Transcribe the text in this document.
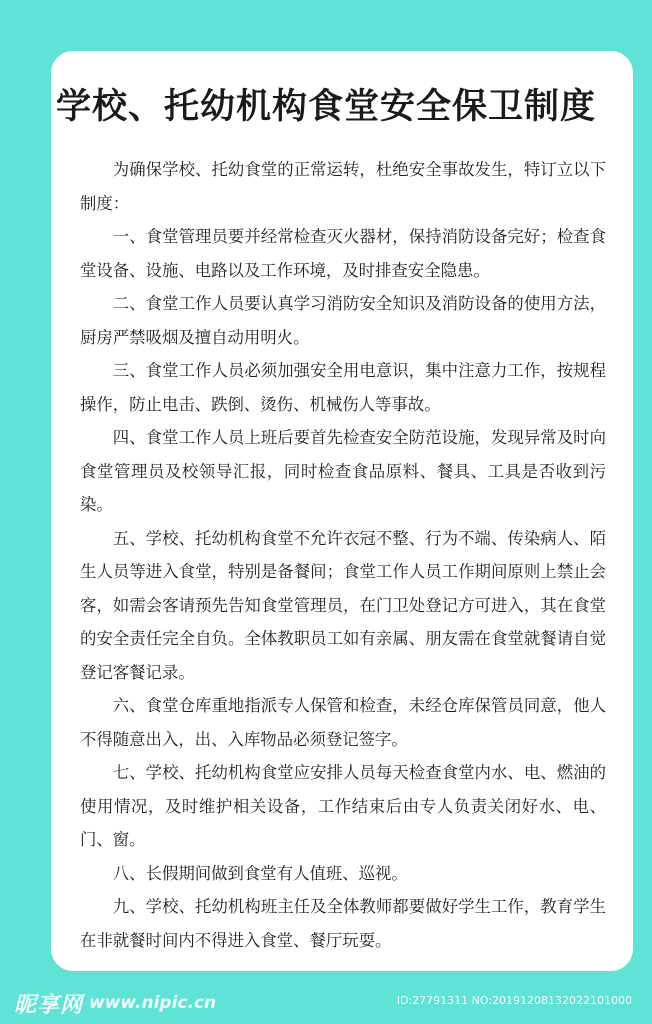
学校、托幼机构食堂安全保卫制度

为确保学校、托幼食堂的正常运转，杜绝安全事故发生，特订立以下制度：

一、食堂管理员要并经常检查灭火器材，保持消防设备完好；检查食堂设备、设施、电路以及工作环境，及时排查安全隐患。

二、食堂工作人员要认真学习消防安全知识及消防设备的使用方法，厨房严禁吸烟及擅自动用明火。

三、食堂工作人员必须加强安全用电意识，集中注意力工作，按规程操作，防止电击、跌倒、烫伤、机械伤人等事故。

四、食堂工作人员上班后要首先检查安全防范设施，发现异常及时向食堂管理员及校领导汇报，同时检查食品原料、餐具、工具是否收到污染。

五、学校、托幼机构食堂不允许衣冠不整、行为不端、传染病人、陌生人员等进入食堂，特别是备餐间；食堂工作人员工作期间原则上禁止会客，如需会客请预先告知食堂管理员，在门卫处登记方可进入，其在食堂的安全责任完全自负。全体教职员工如有亲属、朋友需在食堂就餐请自觉登记客餐记录。

六、食堂仓库重地指派专人保管和检查，未经仓库保管员同意，他人不得随意出入，出、入库物品必须登记签字。

七、学校、托幼机构食堂应安排人员每天检查食堂内水、电、燃油的使用情况，及时维护相关设备，工作结束后由专人负责关闭好水、电、门、窗。

八、长假期间做到食堂有人值班、巡视。

九、学校、托幼机构班主任及全体教师都要做好学生工作，教育学生在非就餐时间内不得进入食堂、餐厅玩耍。

昵享网 www.nipic.cn	ID:27791311 NO:20191208132022101000
